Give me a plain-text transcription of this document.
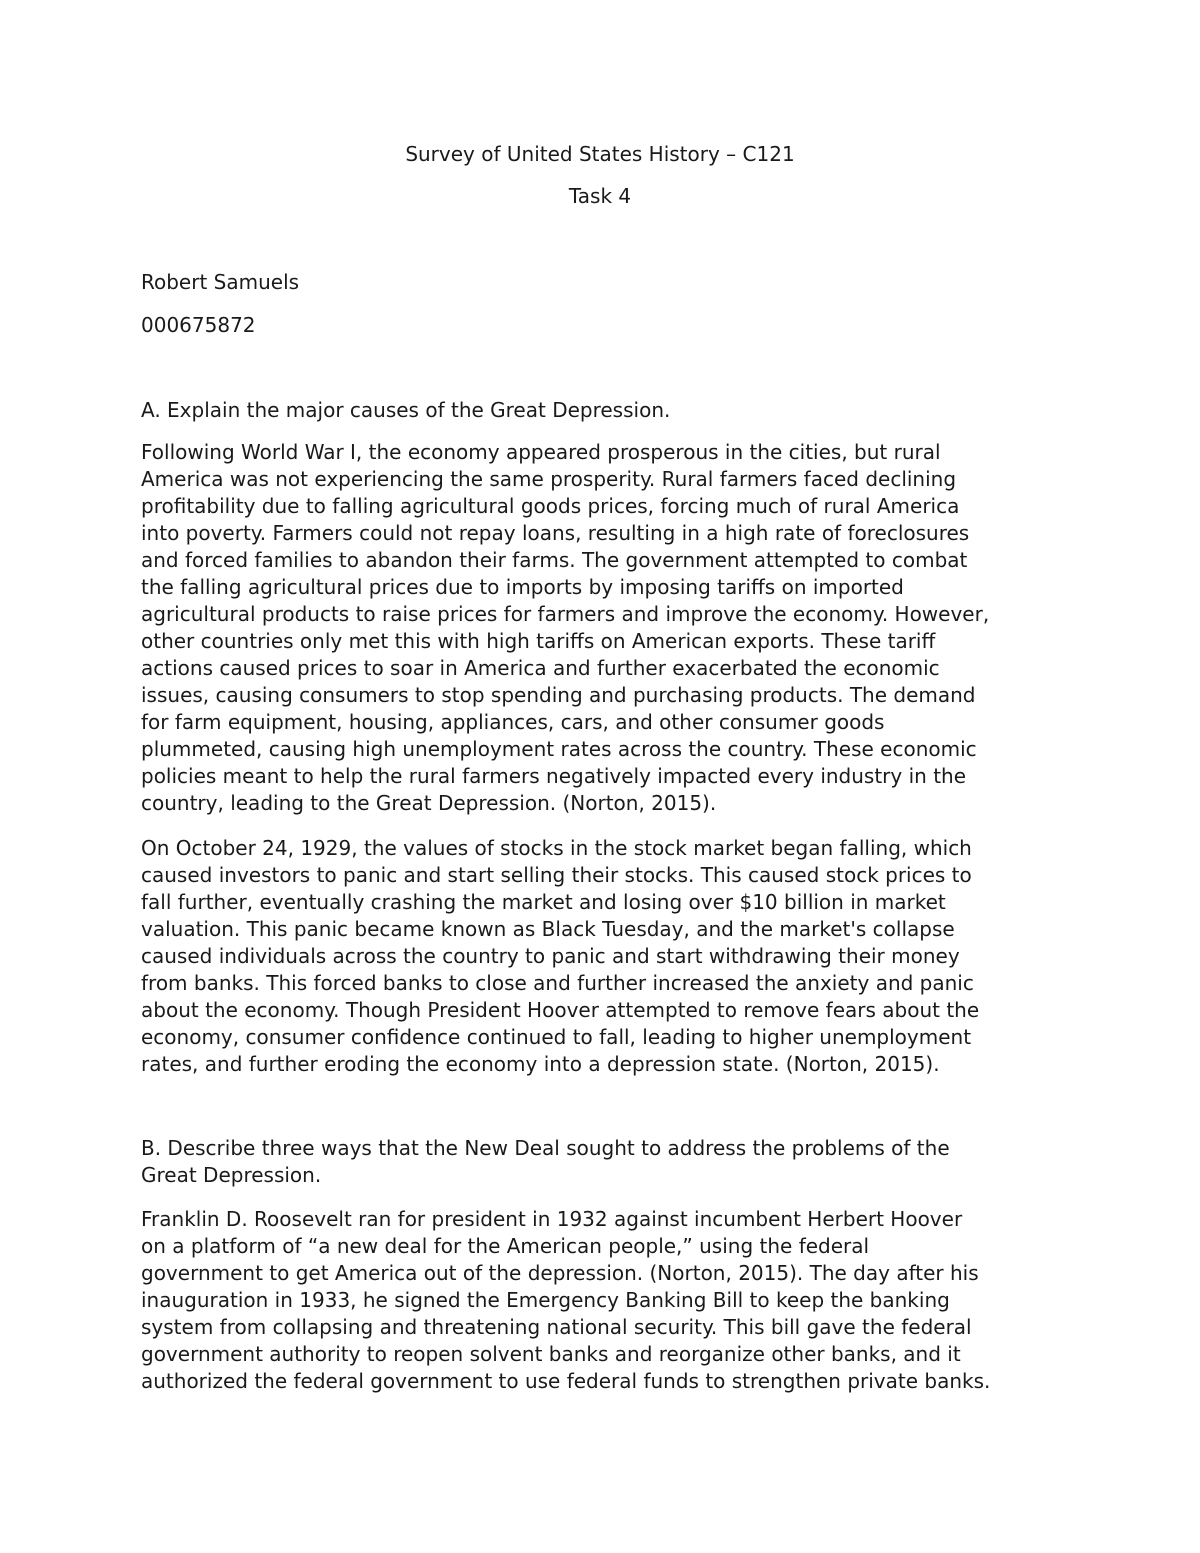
Survey of United States History – C121

Task 4

Robert Samuels

000675872

A. Explain the major causes of the Great Depression.

Following World War I, the economy appeared prosperous in the cities, but rural
America was not experiencing the same prosperity. Rural farmers faced declining
profitability due to falling agricultural goods prices, forcing much of rural America
into poverty. Farmers could not repay loans, resulting in a high rate of foreclosures
and forced families to abandon their farms. The government attempted to combat
the falling agricultural prices due to imports by imposing tariffs on imported
agricultural products to raise prices for farmers and improve the economy. However,
other countries only met this with high tariffs on American exports. These tariff
actions caused prices to soar in America and further exacerbated the economic
issues, causing consumers to stop spending and purchasing products. The demand
for farm equipment, housing, appliances, cars, and other consumer goods
plummeted, causing high unemployment rates across the country. These economic
policies meant to help the rural farmers negatively impacted every industry in the
country, leading to the Great Depression. (Norton, 2015).
On October 24, 1929, the values of stocks in the stock market began falling, which
caused investors to panic and start selling their stocks. This caused stock prices to
fall further, eventually crashing the market and losing over $10 billion in market
valuation. This panic became known as Black Tuesday, and the market's collapse
caused individuals across the country to panic and start withdrawing their money
from banks. This forced banks to close and further increased the anxiety and panic
about the economy. Though President Hoover attempted to remove fears about the
economy, consumer confidence continued to fall, leading to higher unemployment
rates, and further eroding the economy into a depression state. (Norton, 2015).
B. Describe three ways that the New Deal sought to address the problems of the
Great Depression.
Franklin D. Roosevelt ran for president in 1932 against incumbent Herbert Hoover
on a platform of “a new deal for the American people,” using the federal
government to get America out of the depression. (Norton, 2015). The day after his
inauguration in 1933, he signed the Emergency Banking Bill to keep the banking
system from collapsing and threatening national security. This bill gave the federal
government authority to reopen solvent banks and reorganize other banks, and it
authorized the federal government to use federal funds to strengthen private banks.
